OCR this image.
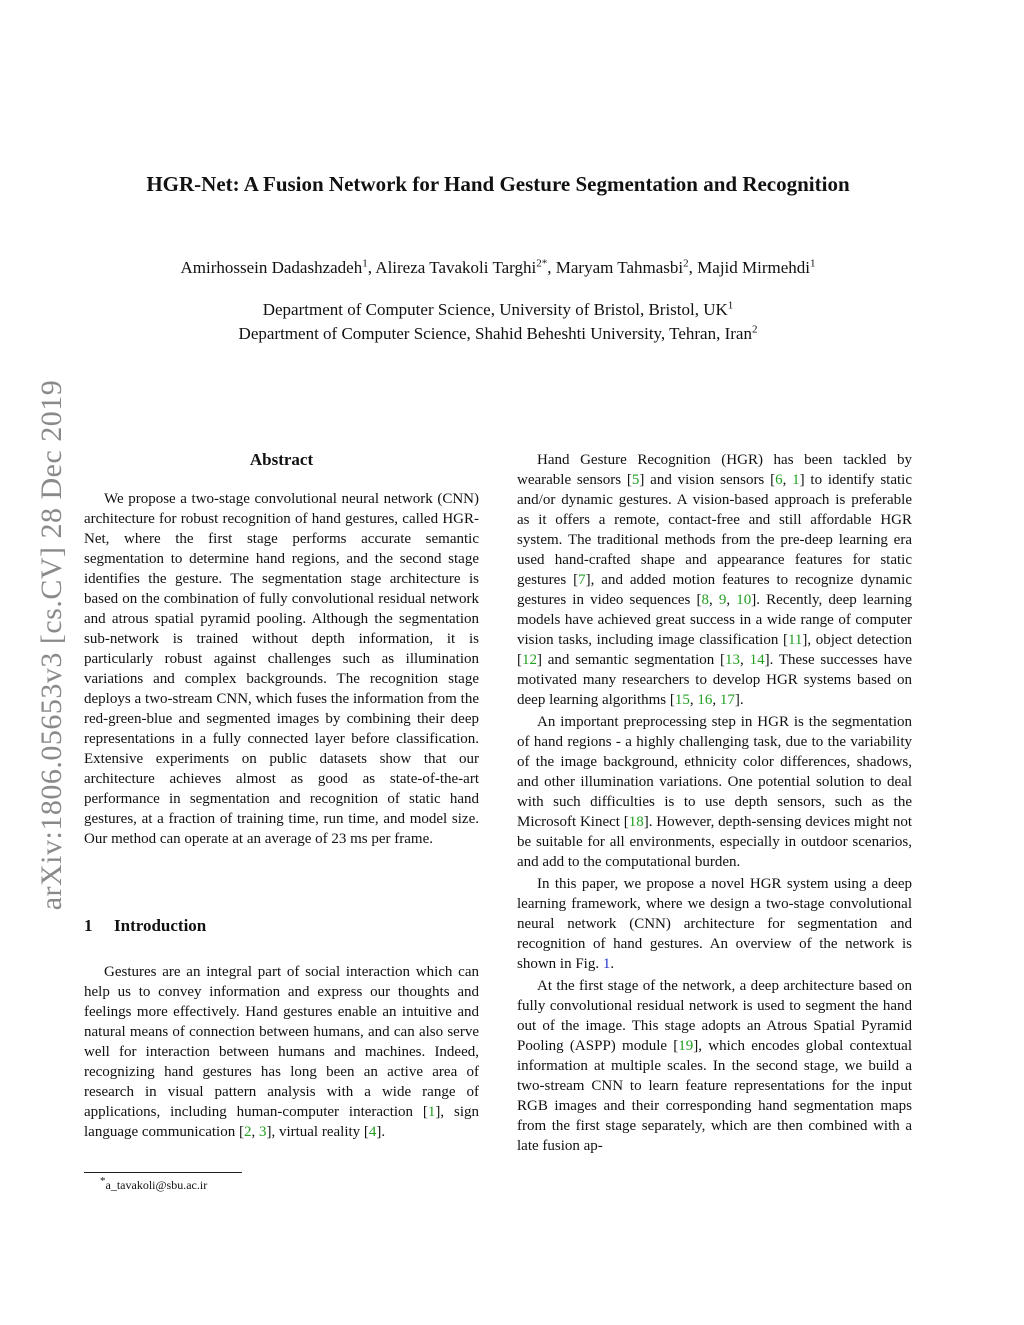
arXiv:1806.05653v3 [cs.CV] 28 Dec 2019
HGR-Net: A Fusion Network for Hand Gesture Segmentation and Recognition
Amirhossein Dadashzadeh$^1$, Alireza Tavakoli Targhi$^{2*}$, Maryam Tahmasbi$^2$, Majid Mirmehdi$^1$
Department of Computer Science, University of Bristol, Bristol, $UK^1$
Department of Computer Science, Shahid Beheshti University, Tehran, Iran$^2$
Abstract

We propose a two-stage convolutional neural network (CNN) architecture for robust recognition of hand gestures, called HGR-Net, where the first stage performs accurate semantic segmentation to determine hand regions, and the second stage identifies the gesture. The segmentation stage architecture is based on the combination of fully convolutional residual network and atrous spatial pyramid pooling. Although the segmentation sub-network is trained without depth information, it is particularly robust against challenges such as illumination variations and complex backgrounds. The recognition stage deploys a two-stream CNN, which fuses the information from the red-green-blue and segmented images by combining their deep representations in a fully connected layer before classification. Extensive experiments on public datasets show that our architecture achieves almost as good as state-of-the-art performance in segmentation and recognition of static hand gestures, at a fraction of training time, run time, and model size. Our method can operate at an average of 23 ms per frame.

1 Introduction

Gestures are an integral part of social interaction which can help us to convey information and express our thoughts and feelings more effectively. Hand gestures enable an intuitive and natural means of connection between humans, and can also serve well for interaction between humans and machines. Indeed, recognizing hand gestures has long been an active area of research in visual pattern analysis with a wide range of applications, including human-computer interaction [1], sign language communication [2, 3], virtual reality [4].

Hand Gesture Recognition (HGR) has been tackled by wearable sensors [5] and vision sensors [6, 1] to identify static and/or dynamic gestures. A vision-based approach is preferable as it offers a remote, contact-free and still affordable HGR system. The traditional methods from the pre-deep learning era used hand-crafted shape and appearance features for static gestures [7], and added motion features to recognize dynamic gestures in video sequences [8, 9, 10]. Recently, deep learning models have achieved great success in a wide range of computer vision tasks, including image classification [11], object detection [12] and semantic segmentation [13, 14]. These successes have motivated many researchers to develop HGR systems based on deep learning algorithms [15, 16, 17].

An important preprocessing step in HGR is the segmentation of hand regions - a highly challenging task, due to the variability of the image background, ethnicity color differences, shadows, and other illumination variations. One potential solution to deal with such difficulties is to use depth sensors, such as the Microsoft Kinect [18]. However, depth-sensing devices might not be suitable for all environments, especially in outdoor scenarios, and add to the computational burden.

In this paper, we propose a novel HGR system using a deep learning framework, where we design a two-stage convolutional neural network (CNN) architecture for segmentation and recognition of hand gestures. An overview of the network is shown in Fig. 1.

At the first stage of the network, a deep architecture based on fully convolutional residual network is used to segment the hand out of the image. This stage adopts an Atrous Spatial Pyramid Pooling (ASPP) module [19], which encodes global contextual information at multiple scales. In the second stage, we build a two-stream CNN to learn feature representations for the input RGB images and their corresponding hand segmentation maps from the first stage separately, which are then combined with a late fusion ap-

*a_tavakoli@sbu.ac.ir
